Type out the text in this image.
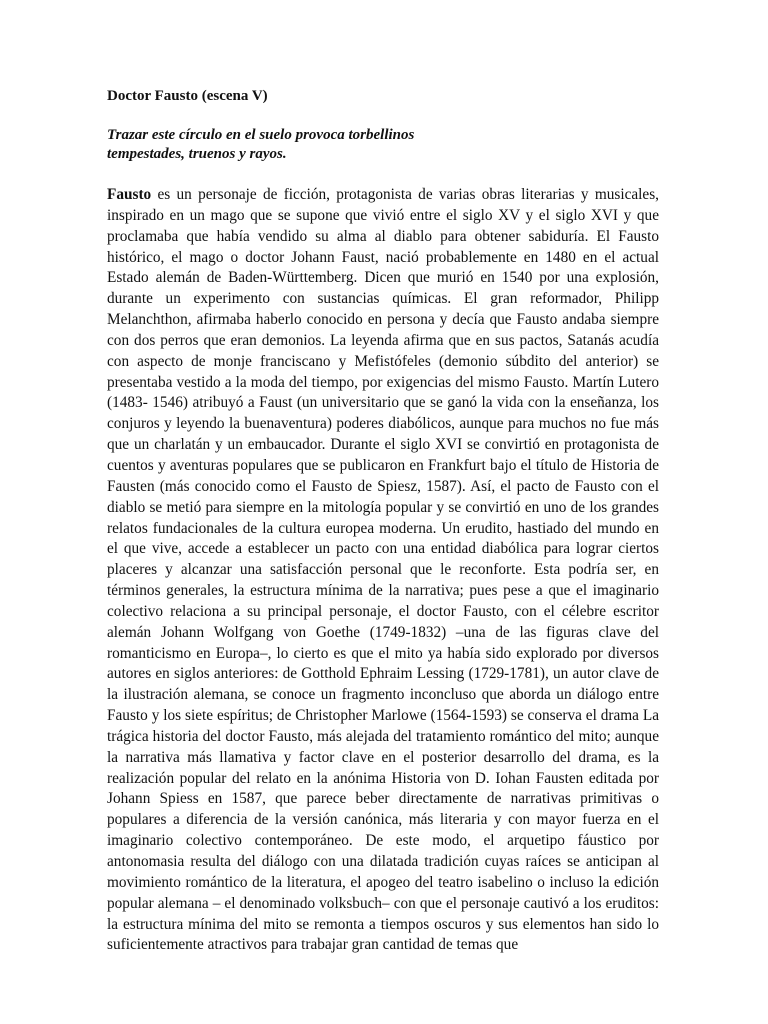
Doctor Fausto (escena V)
Trazar este círculo en el suelo provoca torbellinos
tempestades, truenos y rayos.

Fausto es un personaje de ficción, protagonista de varias obras literarias y musicales, inspirado en un mago que se supone que vivió entre el siglo XV y el siglo XVI y que proclamaba que había vendido su alma al diablo para obtener sabiduría. El Fausto histórico, el mago o doctor Johann Faust, nació probablemente en 1480 en el actual Estado alemán de Baden-Württemberg. Dicen que murió en 1540 por una explosión, durante un experimento con sustancias químicas. El gran reformador, Philipp Melanchthon, afirmaba haberlo conocido en persona y decía que Fausto andaba siempre con dos perros que eran demonios. La leyenda afirma que en sus pactos, Satanás acudía con aspecto de monje franciscano y Mefistófeles (demonio súbdito del anterior) se presentaba vestido a la moda del tiempo, por exigencias del mismo Fausto. Martín Lutero (1483- 1546) atribuyó a Faust (un universitario que se ganó la vida con la enseñanza, los conjuros y leyendo la buenaventura) poderes diabólicos, aunque para muchos no fue más que un charlatán y un embaucador. Durante el siglo XVI se convirtió en protagonista de cuentos y aventuras populares que se publicaron en Frankfurt bajo el título de Historia de Fausten (más conocido como el Fausto de Spiesz, 1587). Así, el pacto de Fausto con el diablo se metió para siempre en la mitología popular y se convirtió en uno de los grandes relatos fundacionales de la cultura europea moderna. Un erudito, hastiado del mundo en el que vive, accede a establecer un pacto con una entidad diabólica para lograr ciertos placeres y alcanzar una satisfacción personal que le reconforte. Esta podría ser, en términos generales, la estructura mínima de la narrativa; pues pese a que el imaginario colectivo relaciona a su principal personaje, el doctor Fausto, con el célebre escritor alemán Johann Wolfgang von Goethe (1749-1832) –una de las figuras clave del romanticismo en Europa–, lo cierto es que el mito ya había sido explorado por diversos autores en siglos anteriores: de Gotthold Ephraim Lessing (1729-1781), un autor clave de la ilustración alemana, se conoce un fragmento inconcluso que aborda un diálogo entre Fausto y los siete espíritus; de Christopher Marlowe (1564-1593) se conserva el drama La trágica historia del doctor Fausto, más alejada del tratamiento romántico del mito; aunque la narrativa más llamativa y factor clave en el posterior desarrollo del drama, es la realización popular del relato en la anónima Historia von D. Iohan Fausten editada por Johann Spiess en 1587, que parece beber directamente de narrativas primitivas o populares a diferencia de la versión canónica, más literaria y con mayor fuerza en el imaginario colectivo contemporáneo. De este modo, el arquetipo fáustico por antonomasia resulta del diálogo con una dilatada tradición cuyas raíces se anticipan al movimiento romántico de la literatura, el apogeo del teatro isabelino o incluso la edición popular alemana – el denominado volksbuch– con que el personaje cautivó a los eruditos: la estructura mínima del mito se remonta a tiempos oscuros y sus elementos han sido lo suficientemente atractivos para trabajar gran cantidad de temas que
